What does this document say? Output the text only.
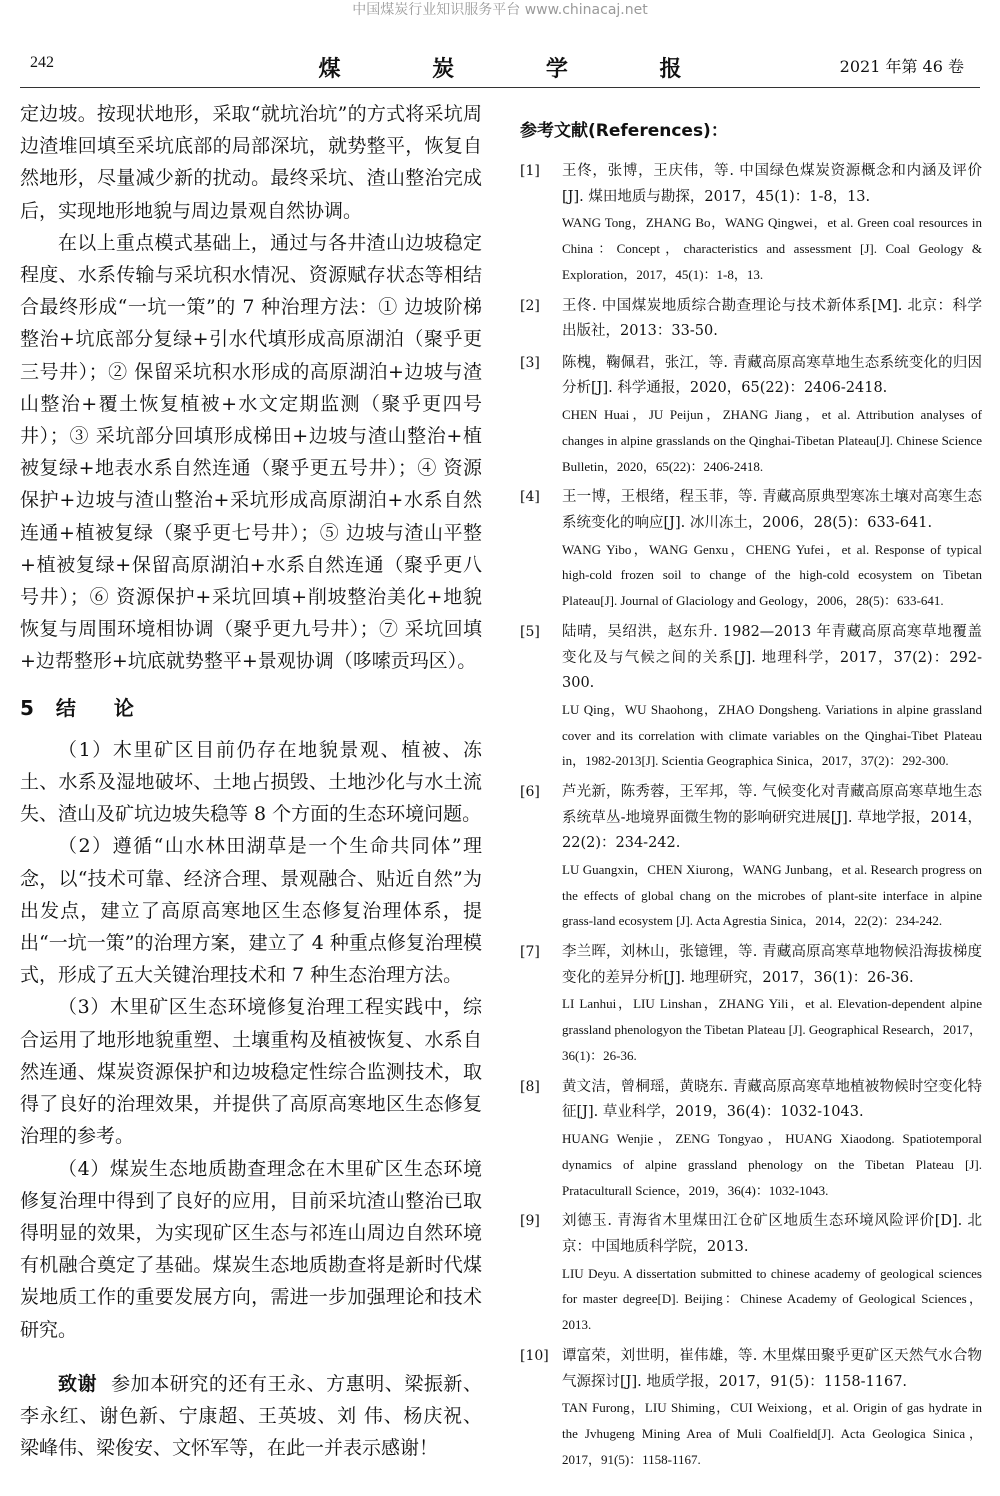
中国煤炭行业知识服务平台 www.chinacaj.net
242	煤 炭 学 报	2021 年第 46 卷

定边坡。按现状地形，采取“就坑治坑”的方式将采坑周边渣堆回填至采坑底部的局部深坑，就势整平，恢复自然地形，尽量减少新的扰动。最终采坑、渣山整治完成后，实现地形地貌与周边景观自然协调。

在以上重点模式基础上，通过与各井渣山边坡稳定程度、水系传输与采坑积水情况、资源赋存状态等相结合最终形成“一坑一策”的 7 种治理方法：① 边坡阶梯整治+坑底部分复绿+引水代填形成高原湖泊（聚乎更三号井）；② 保留采坑积水形成的高原湖泊+边坡与渣山整治+覆土恢复植被+水文定期监测（聚乎更四号井）；③ 采坑部分回填形成梯田+边坡与渣山整治+植被复绿+地表水系自然连通（聚乎更五号井）；④ 资源保护+边坡与渣山整治+采坑形成高原湖泊+水系自然连通+植被复绿（聚乎更七号井）；⑤ 边坡与渣山平整+植被复绿+保留高原湖泊+水系自然连通（聚乎更八号井）；⑥ 资源保护+采坑回填+削坡整治美化+地貌恢复与周围环境相协调（聚乎更九号井）；⑦ 采坑回填+边帮整形+坑底就势整平+景观协调（哆嗦贡玛区）。

5 结 论

（1）木里矿区目前仍存在地貌景观、植被、冻土、水系及湿地破坏、土地占损毁、土地沙化与水土流失、渣山及矿坑边坡失稳等 8 个方面的生态环境问题。

（2）遵循“山水林田湖草是一个生命共同体”理念，以“技术可靠、经济合理、景观融合、贴近自然”为出发点，建立了高原高寒地区生态修复治理体系，提出“一坑一策”的治理方案，建立了 4 种重点修复治理模式，形成了五大关键治理技术和 7 种生态治理方法。

（3）木里矿区生态环境修复治理工程实践中，综合运用了地形地貌重塑、土壤重构及植被恢复、水系自然连通、煤炭资源保护和边坡稳定性综合监测技术，取得了良好的治理效果，并提供了高原高寒地区生态修复治理的参考。

（4）煤炭生态地质勘查理念在木里矿区生态环境修复治理中得到了良好的应用，目前采坑渣山整治已取得明显的效果，为实现矿区生态与祁连山周边自然环境有机融合奠定了基础。煤炭生态地质勘查将是新时代煤炭地质工作的重要发展方向，需进一步加强理论和技术研究。

致谢 参加本研究的还有王永、方惠明、梁振新、李永红、谢色新、宁康超、王英坡、刘 伟、杨庆祝、梁峰伟、梁俊安、文怀军等，在此一并表示感谢！

参考文献(References)：

[1] 王佟，张博，王庆伟，等. 中国绿色煤炭资源概念和内涵及评价[J]. 煤田地质与勘探，2017，45(1)：1-8，13.
WANG Tong，ZHANG Bo，WANG Qingwei，et al. Green coal resources in China：Concept，characteristics and assessment [J]. Coal Geology & Exploration，2017，45(1)：1-8，13.
[2] 王佟. 中国煤炭地质综合勘查理论与技术新体系[M]. 北京：科学出版社，2013：33-50.
[3] 陈槐，鞠佩君，张江，等. 青藏高原高寒草地生态系统变化的归因分析[J]. 科学通报，2020，65(22)：2406-2418.
CHEN Huai，JU Peijun，ZHANG Jiang，et al. Attribution analyses of changes in alpine grasslands on the Qinghai-Tibetan Plateau[J]. Chinese Science Bulletin，2020，65(22)：2406-2418.
[4] 王一博，王根绪，程玉菲，等. 青藏高原典型寒冻土壤对高寒生态系统变化的响应[J]. 冰川冻土，2006，28(5)：633-641.
WANG Yibo，WANG Genxu，CHENG Yufei，et al. Response of typical high-cold frozen soil to change of the high-cold ecosystem on Tibetan Plateau[J]. Journal of Glaciology and Geology，2006，28(5)：633-641.
[5] 陆晴，吴绍洪，赵东升. 1982—2013 年青藏高原高寒草地覆盖变化及与气候之间的关系[J]. 地理科学，2017，37(2)：292-300.
LU Qing，WU Shaohong，ZHAO Dongsheng. Variations in alpine grassland cover and its correlation with climate variables on the Qinghai-Tibet Plateau in，1982-2013[J]. Scientia Geographica Sinica，2017，37(2)：292-300.
[6] 芦光新，陈秀蓉，王军邦，等. 气候变化对青藏高原高寒草地生态系统草丛-地境界面微生物的影响研究进展[J]. 草地学报，2014，22(2)：234-242.
LU Guangxin，CHEN Xiurong，WANG Junbang，et al. Research progress on the effects of global chang on the microbes of plant-site interface in alpine grass-land ecosystem [J]. Acta Agrestia Sinica，2014，22(2)：234-242.
[7] 李兰晖，刘林山，张镱锂，等. 青藏高原高寒草地物候沿海拔梯度变化的差异分析[J]. 地理研究，2017，36(1)：26-36.
LI Lanhui，LIU Linshan，ZHANG Yili，et al. Elevation-dependent alpine grassland phenologyon the Tibetan Plateau [J]. Geographical Research，2017，36(1)：26-36.
[8] 黄文洁，曾桐瑶，黄晓东. 青藏高原高寒草地植被物候时空变化特征[J]. 草业科学，2019，36(4)：1032-1043.
HUANG Wenjie，ZENG Tongyao，HUANG Xiaodong. Spatiotemporal dynamics of alpine grassland phenology on the Tibetan Plateau [J]. Prataculturall Science，2019，36(4)：1032-1043.
[9] 刘德玉. 青海省木里煤田江仓矿区地质生态环境风险评价[D]. 北京：中国地质科学院，2013.
LIU Deyu. A dissertation submitted to chinese academy of geological sciences for master degree[D]. Beijing：Chinese Academy of Geological Sciences，2013.
[10] 谭富荣，刘世明，崔伟雄，等. 木里煤田聚乎更矿区天然气水合物气源探讨[J]. 地质学报，2017，91(5)：1158-1167.
TAN Furong，LIU Shiming，CUI Weixiong，et al. Origin of gas hydrate in the Jvhugeng Mining Area of Muli Coalfield[J]. Acta Geologica Sinica，2017，91(5)：1158-1167.
